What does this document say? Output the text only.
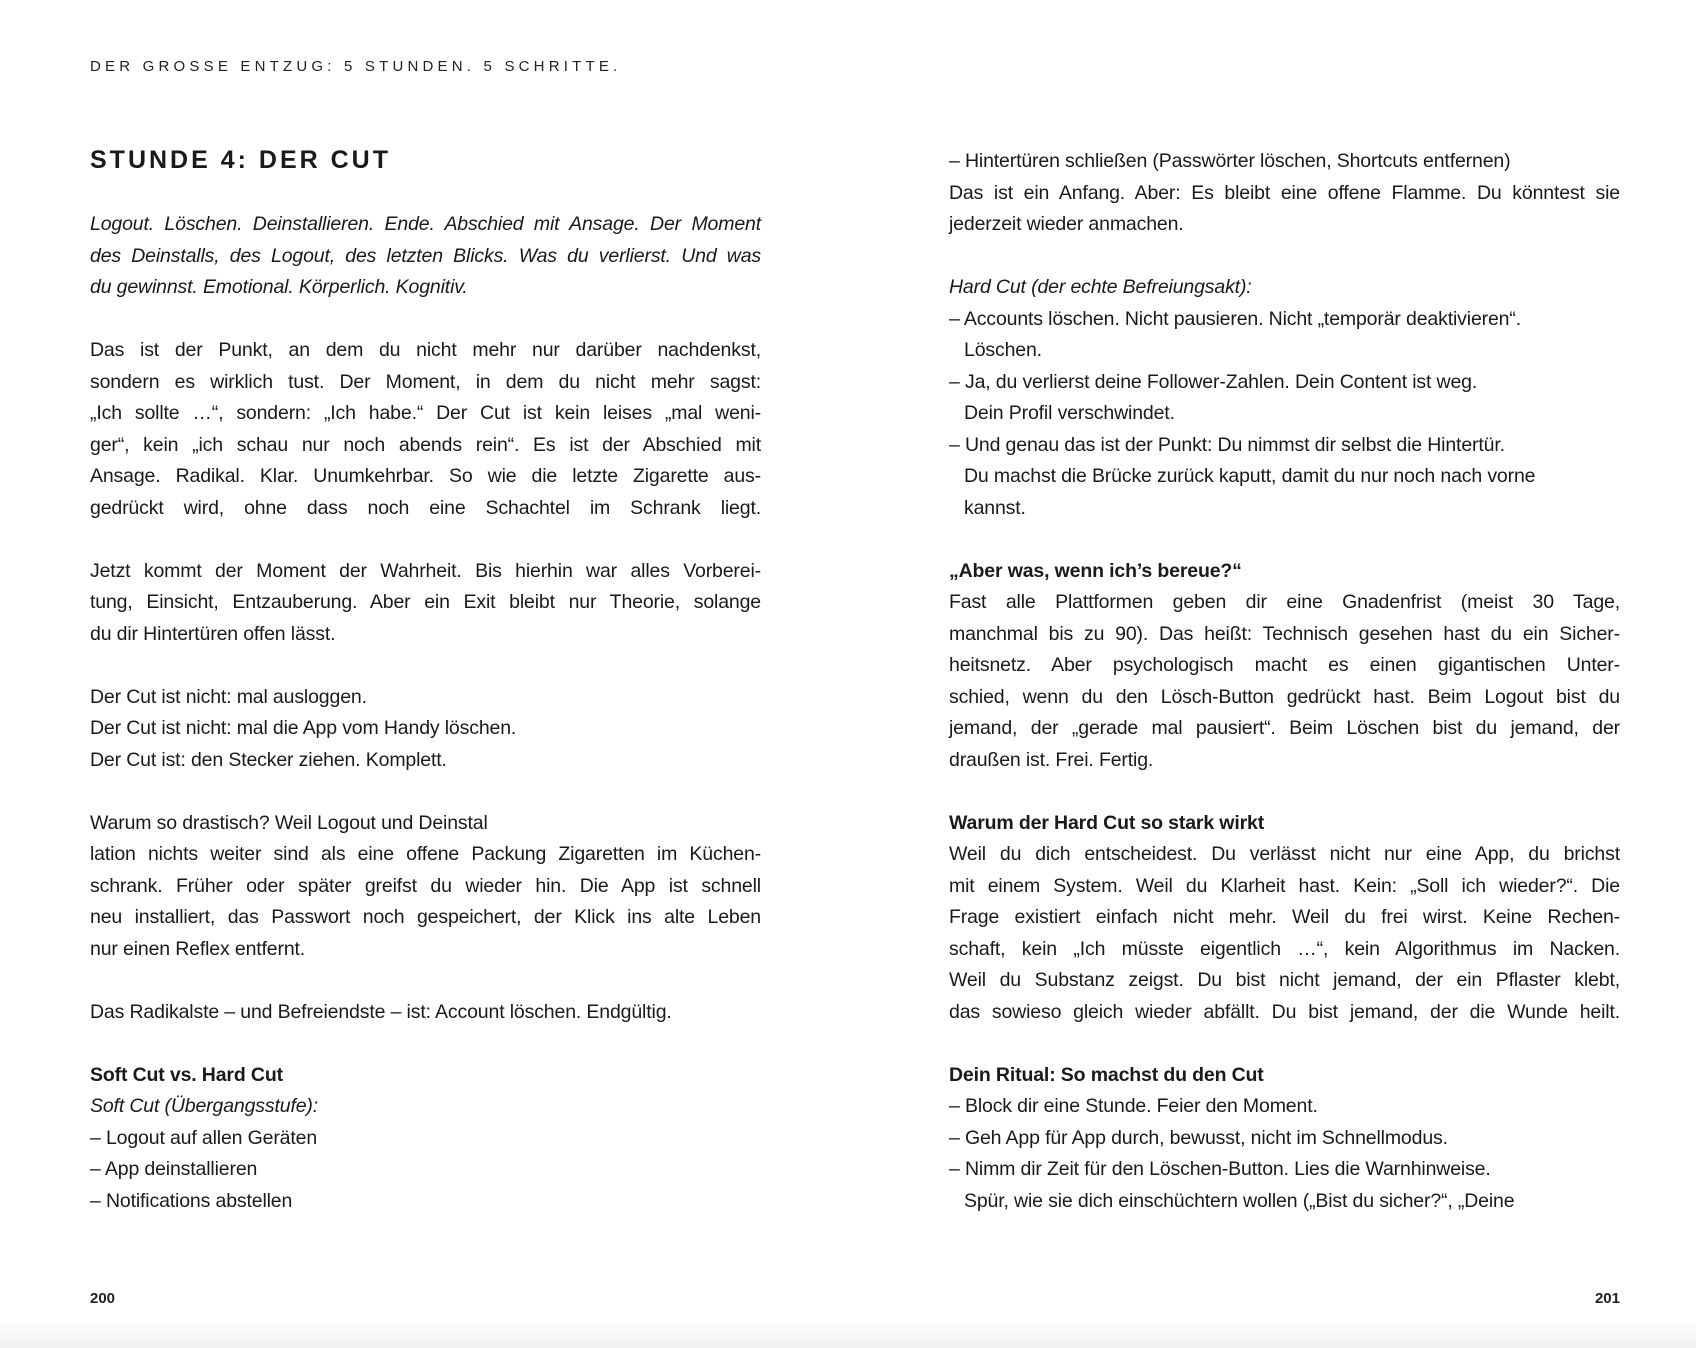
DER GROSSE ENTZUG: 5 STUNDEN. 5 SCHRITTE.
STUNDE 4: DER CUT
Logout. Löschen. Deinstallieren. Ende. Abschied mit Ansage. Der Moment
des Deinstalls, des Logout, des letzten Blicks. Was du verlierst. Und was
du gewinnst. Emotional. Körperlich. Kognitiv.
Das ist der Punkt, an dem du nicht mehr nur darüber nachdenkst,
sondern es wirklich tust. Der Moment, in dem du nicht mehr sagst:
„Ich sollte …“, sondern: „Ich habe.“ Der Cut ist kein leises „mal weni-
ger“, kein „ich schau nur noch abends rein“. Es ist der Abschied mit
Ansage. Radikal. Klar. Unumkehrbar. So wie die letzte Zigarette aus-
gedrückt wird, ohne dass noch eine Schachtel im Schrank liegt.
Jetzt kommt der Moment der Wahrheit. Bis hierhin war alles Vorberei-
tung, Einsicht, Entzauberung. Aber ein Exit bleibt nur Theorie, solange
du dir Hintertüren offen lässt.
Der Cut ist nicht: mal ausloggen.
Der Cut ist nicht: mal die App vom Handy löschen.
Der Cut ist: den Stecker ziehen. Komplett.
Warum so drastisch? Weil Logout und Deinstal
lation nichts weiter sind als eine offene Packung Zigaretten im Küchen-
schrank. Früher oder später greifst du wieder hin. Die App ist schnell
neu installiert, das Passwort noch gespeichert, der Klick ins alte Leben
nur einen Reflex entfernt.
Das Radikalste – und Befreiendste – ist: Account löschen. Endgültig.
Soft Cut vs. Hard Cut
Soft Cut (Übergangsstufe):
– Logout auf allen Geräten
– App deinstallieren
– Notifications abstellen
– Hintertüren schließen (Passwörter löschen, Shortcuts entfernen)
Das ist ein Anfang. Aber: Es bleibt eine offene Flamme. Du könntest sie
jederzeit wieder anmachen.
Hard Cut (der echte Befreiungsakt):
– Accounts löschen. Nicht pausieren. Nicht „temporär deaktivieren“.
Löschen.
– Ja, du verlierst deine Follower-Zahlen. Dein Content ist weg.
Dein Profil verschwindet.
– Und genau das ist der Punkt: Du nimmst dir selbst die Hintertür.
Du machst die Brücke zurück kaputt, damit du nur noch nach vorne
kannst.
„Aber was, wenn ich’s bereue?“
Fast alle Plattformen geben dir eine Gnadenfrist (meist 30 Tage,
manchmal bis zu 90). Das heißt: Technisch gesehen hast du ein Sicher-
heitsnetz. Aber psychologisch macht es einen gigantischen Unter-
schied, wenn du den Lösch-Button gedrückt hast. Beim Logout bist du
jemand, der „gerade mal pausiert“. Beim Löschen bist du jemand, der
draußen ist. Frei. Fertig.
Warum der Hard Cut so stark wirkt
Weil du dich entscheidest. Du verlässt nicht nur eine App, du brichst
mit einem System. Weil du Klarheit hast. Kein: „Soll ich wieder?“. Die
Frage existiert einfach nicht mehr. Weil du frei wirst. Keine Rechen-
schaft, kein „Ich müsste eigentlich …“, kein Algorithmus im Nacken.
Weil du Substanz zeigst. Du bist nicht jemand, der ein Pflaster klebt,
das sowieso gleich wieder abfällt. Du bist jemand, der die Wunde heilt.
Dein Ritual: So machst du den Cut
– Block dir eine Stunde. Feier den Moment.
– Geh App für App durch, bewusst, nicht im Schnellmodus.
– Nimm dir Zeit für den Löschen-Button. Lies die Warnhinweise.
Spür, wie sie dich einschüchtern wollen („Bist du sicher?“, „Deine
200	201
